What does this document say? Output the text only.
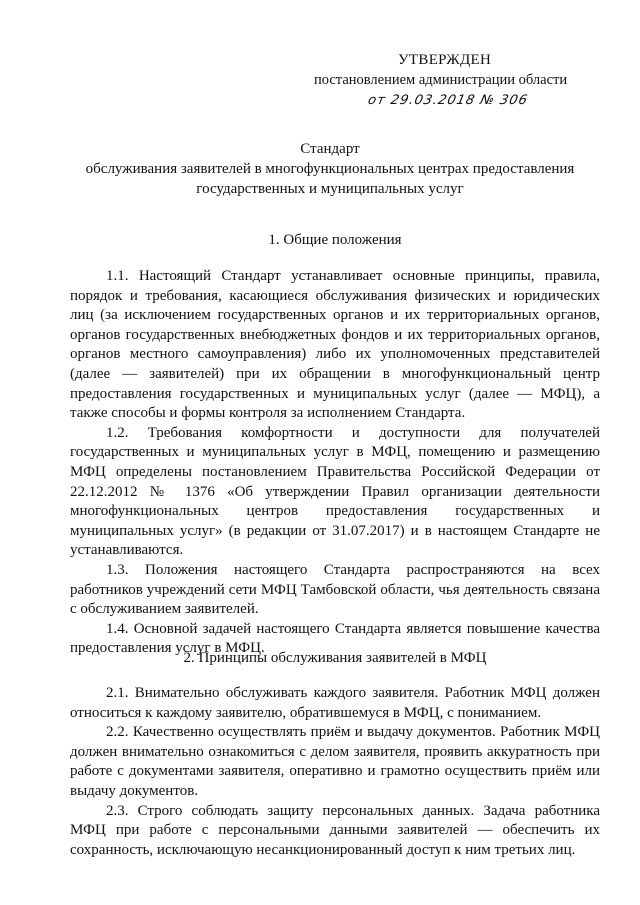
УТВЕРЖДЕН
постановлением администрации области
от 29.03.2018 № 306
Стандарт
обслуживания заявителей в многофункциональных центрах предоставления
государственных и муниципальных услуг
1. Общие положения

1.1. Настоящий Стандарт устанавливает основные принципы, правила, порядок и требования, касающиеся обслуживания физических и юридических лиц (за исключением государственных органов и их территориальных органов, органов государственных внебюджетных фондов и их территориальных органов, органов местного самоуправления) либо их уполномоченных представителей (далее — заявителей) при их обращении в многофункциональный центр предоставления государственных и муниципальных услуг (далее — МФЦ), а также способы и формы контроля за исполнением Стандарта.

1.2. Требования комфортности и доступности для получателей государственных и муниципальных услуг в МФЦ, помещению и размещению МФЦ определены постановлением Правительства Российской Федерации от 22.12.2012 № 1376 «Об утверждении Правил организации деятельности многофункциональных центров предоставления государственных и муниципальных услуг» (в редакции от 31.07.2017) и в настоящем Стандарте не устанавливаются.

1.3. Положения настоящего Стандарта распространяются на всех работников учреждений сети МФЦ Тамбовской области, чья деятельность связана с обслуживанием заявителей.

1.4. Основной задачей настоящего Стандарта является повышение качества предоставления услуг в МФЦ.

2. Принципы обслуживания заявителей в МФЦ

2.1. Внимательно обслуживать каждого заявителя. Работник МФЦ должен относиться к каждому заявителю, обратившемуся в МФЦ, с пониманием.

2.2. Качественно осуществлять приём и выдачу документов. Работник МФЦ должен внимательно ознакомиться с делом заявителя, проявить аккуратность при работе с документами заявителя, оперативно и грамотно осуществить приём или выдачу документов.

2.3. Строго соблюдать защиту персональных данных. Задача работника МФЦ при работе с персональными данными заявителей — обеспечить их сохранность, исключающую несанкционированный доступ к ним третьих лиц.
